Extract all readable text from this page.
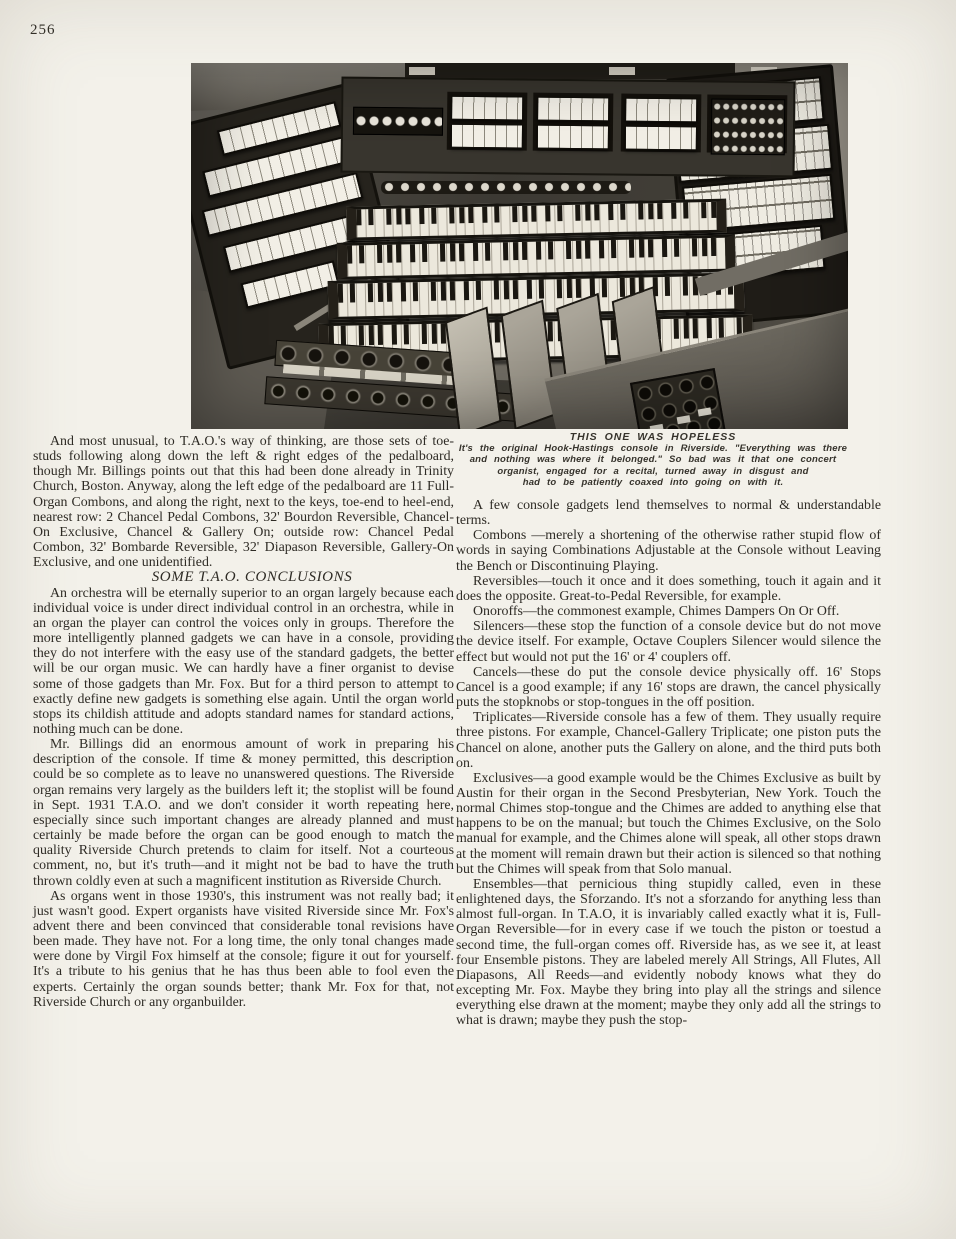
256
THIS ONE WAS HOPELESS
It's the original Hook-Hastings console in Riverside. "Everything was there
and nothing was where it belonged." So bad was it that one concert
organist, engaged for a recital, turned away in disgust and
had to be patiently coaxed into going on with it.

And most unusual, to T.A.O.'s way of thinking, are those sets of toe-studs following along down the left & right edges of the pedalboard, though Mr. Billings points out that this had been done already in Trinity Church, Boston. Anyway, along the left edge of the pedalboard are 11 Full-Organ Combons, and along the right, next to the keys, toe-end to heel-end, nearest row: 2 Chancel Pedal Combons, 32' Bourdon Reversible, Chancel-On Exclusive, Chancel & Gallery On; outside row: Chancel Pedal Combon, 32' Bombarde Reversible, 32' Diapason Reversible, Gallery-On Exclusive, and one unidentified.

SOME T.A.O. CONCLUSIONS

An orchestra will be eternally superior to an organ largely because each individual voice is under direct individual control in an orchestra, while in an organ the player can control the voices only in groups. Therefore the more intelligently planned gadgets we can have in a console, providing they do not interfere with the easy use of the standard gadgets, the better will be our organ music. We can hardly have a finer organist to devise some of those gadgets than Mr. Fox. But for a third person to attempt to exactly define new gadgets is something else again. Until the organ world stops its childish attitude and adopts standard names for standard actions, nothing much can be done.

Mr. Billings did an enormous amount of work in preparing his description of the console. If time & money permitted, this description could be so complete as to leave no unanswered questions. The Riverside organ remains very largely as the builders left it; the stoplist will be found in Sept. 1931 T.A.O. and we don't consider it worth repeating here, especially since such important changes are already planned and must certainly be made before the organ can be good enough to match the quality Riverside Church pretends to claim for itself. Not a courteous comment, no, but it's truth—and it might not be bad to have the truth thrown coldly even at such a magnificent institution as Riverside Church.

As organs went in those 1930's, this instrument was not really bad; it just wasn't good. Expert organists have visited Riverside since Mr. Fox's advent there and been convinced that considerable tonal revisions have been made. They have not. For a long time, the only tonal changes made were done by Virgil Fox himself at the console; figure it out for yourself. It's a tribute to his genius that he has thus been able to fool even the experts. Certainly the organ sounds better; thank Mr. Fox for that, not Riverside Church or any organbuilder.

A few console gadgets lend themselves to normal & understandable terms.

Combons —merely a shortening of the otherwise rather stupid flow of words in saying Combinations Adjustable at the Console without Leaving the Bench or Discontinuing Playing.

Reversibles—touch it once and it does something, touch it again and it does the opposite. Great-to-Pedal Reversible, for example.

Onoroffs—the commonest example, Chimes Dampers On Or Off.

Silencers—these stop the function of a console device but do not move the device itself. For example, Octave Couplers Silencer would silence the effect but would not put the 16' or 4' couplers off.

Cancels—these do put the console device physically off. 16' Stops Cancel is a good example; if any 16' stops are drawn, the cancel physically puts the stopknobs or stop-tongues in the off position.

Triplicates—Riverside console has a few of them. They usually require three pistons. For example, Chancel-Gallery Triplicate; one piston puts the Chancel on alone, another puts the Gallery on alone, and the third puts both on.

Exclusives—a good example would be the Chimes Exclusive as built by Austin for their organ in the Second Presbyterian, New York. Touch the normal Chimes stop-tongue and the Chimes are added to anything else that happens to be on the manual; but touch the Chimes Exclusive, on the Solo manual for example, and the Chimes alone will speak, all other stops drawn at the moment will remain drawn but their action is silenced so that nothing but the Chimes will speak from that Solo manual.

Ensembles—that pernicious thing stupidly called, even in these enlightened days, the Sforzando. It's not a sforzando for anything less than almost full-organ. In T.A.O, it is invariably called exactly what it is, Full-Organ Reversible—for in every case if we touch the piston or toestud a second time, the full-organ comes off. Riverside has, as we see it, at least four Ensemble pistons. They are labeled merely All Strings, All Flutes, All Diapasons, All Reeds—and evidently nobody knows what they do excepting Mr. Fox. Maybe they bring into play all the strings and silence everything else drawn at the moment; maybe they only add all the strings to what is drawn; maybe they push the stop-
